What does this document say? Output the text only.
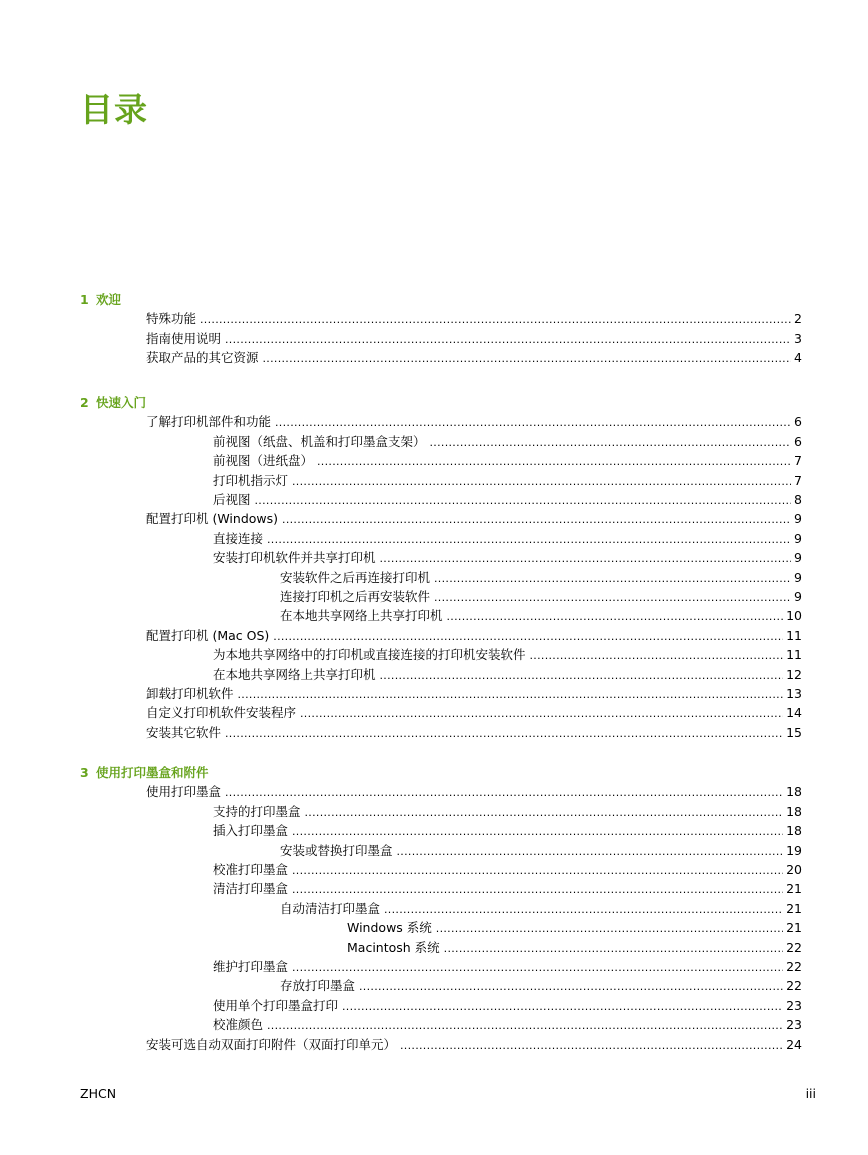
目录
1 欢迎
特殊功能 . . .	2
指南使用说明 . . .	3
获取产品的其它资源 . . .	4
2 快速入门
了解打印机部件和功能 . . .	6
前视图（纸盘、机盖和打印墨盒支架） . . .	6
前视图（进纸盘） . . .	7
打印机指示灯 . . .	7
后视图 . . .	8
配置打印机 (Windows) . . .	9
直接连接 . . .	9
安装打印机软件并共享打印机 . . .	9
安装软件之后再连接打印机 . . .	9
连接打印机之后再安装软件 . . .	9
在本地共享网络上共享打印机 . . .	10
配置打印机 (Mac OS) . . .	11
为本地共享网络中的打印机或直接连接的打印机安装软件 . . .	11
在本地共享网络上共享打印机 . . .	12
卸载打印机软件 . . .	13
自定义打印机软件安装程序 . . .	14
安装其它软件 . . .	15
3 使用打印墨盒和附件
使用打印墨盒 . . .	18
支持的打印墨盒 . . .	18
插入打印墨盒 . . .	18
安装或替换打印墨盒 . . .	19
校准打印墨盒 . . .	20
清洁打印墨盒 . . .	21
自动清洁打印墨盒 . . .	21
Windows 系统 . . .	21
Macintosh 系统 . . .	22
维护打印墨盒 . . .	22
存放打印墨盒 . . .	22
使用单个打印墨盒打印 . . .	23
校准颜色 . . .	23
安装可选自动双面打印附件（双面打印单元） . . .	24
ZHCN	iii
